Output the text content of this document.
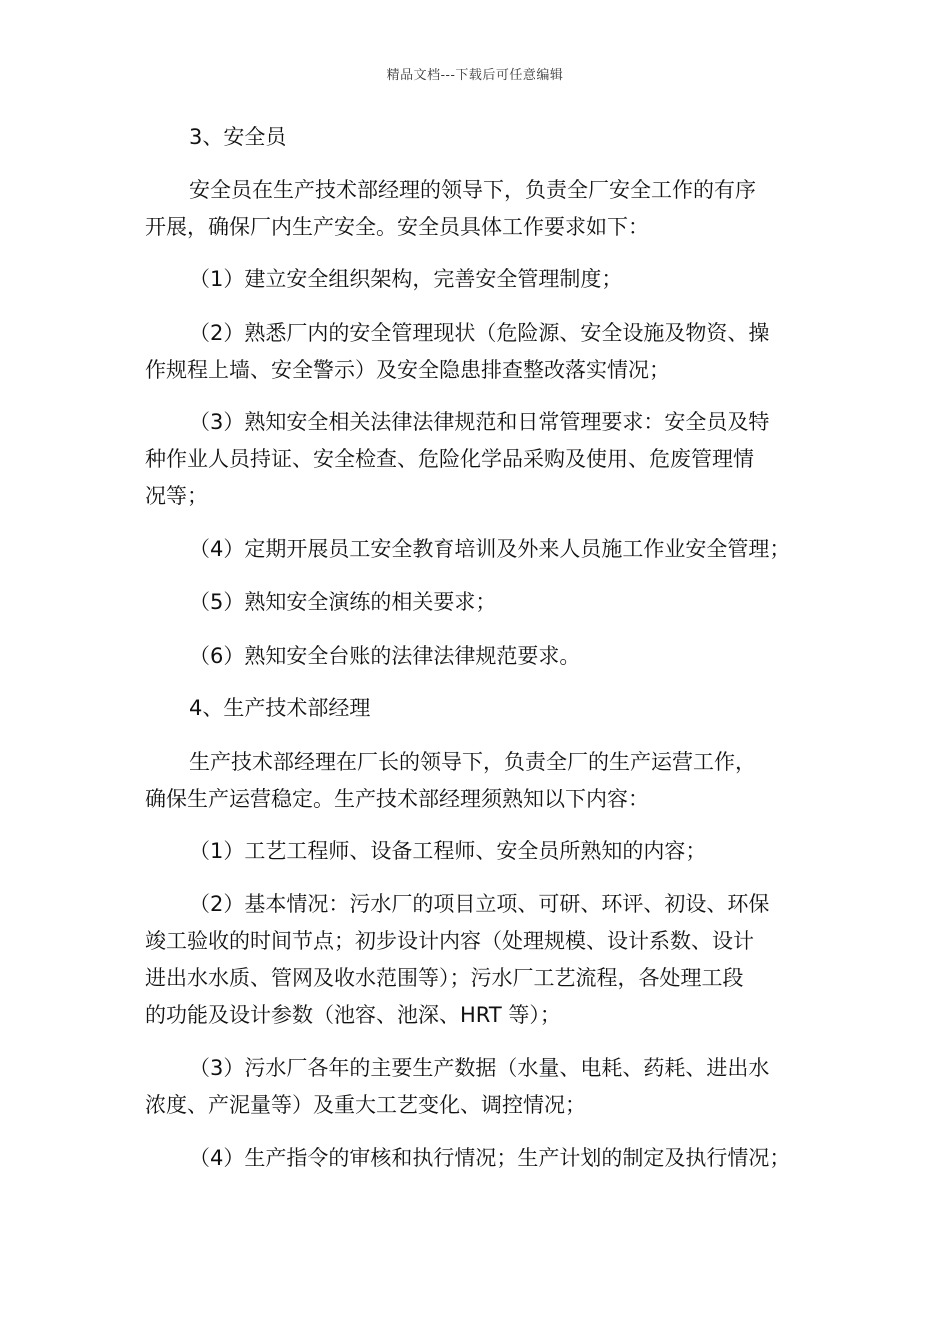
精品文档---下载后可任意编辑
3、安全员
安全员在生产技术部经理的领导下，负责全厂安全工作的有序
开展，确保厂内生产安全。安全员具体工作要求如下：
（1）建立安全组织架构，完善安全管理制度；
（2）熟悉厂内的安全管理现状（危险源、安全设施及物资、操
作规程上墙、安全警示）及安全隐患排查整改落实情况；
（3）熟知安全相关法律法律规范和日常管理要求：安全员及特
种作业人员持证、安全检查、危险化学品采购及使用、危废管理情
况等；
（4）定期开展员工安全教育培训及外来人员施工作业安全管理；
（5）熟知安全演练的相关要求；
（6）熟知安全台账的法律法律规范要求。
4、生产技术部经理
生产技术部经理在厂长的领导下，负责全厂的生产运营工作，
确保生产运营稳定。生产技术部经理须熟知以下内容：
（1）工艺工程师、设备工程师、安全员所熟知的内容；
（2）基本情况：污水厂的项目立项、可研、环评、初设、环保
竣工验收的时间节点；初步设计内容（处理规模、设计系数、设计
进出水水质、管网及收水范围等）；污水厂工艺流程，各处理工段
的功能及设计参数（池容、池深、HRT 等）；
（3）污水厂各年的主要生产数据（水量、电耗、药耗、进出水
浓度、产泥量等）及重大工艺变化、调控情况；
（4）生产指令的审核和执行情况；生产计划的制定及执行情况；
